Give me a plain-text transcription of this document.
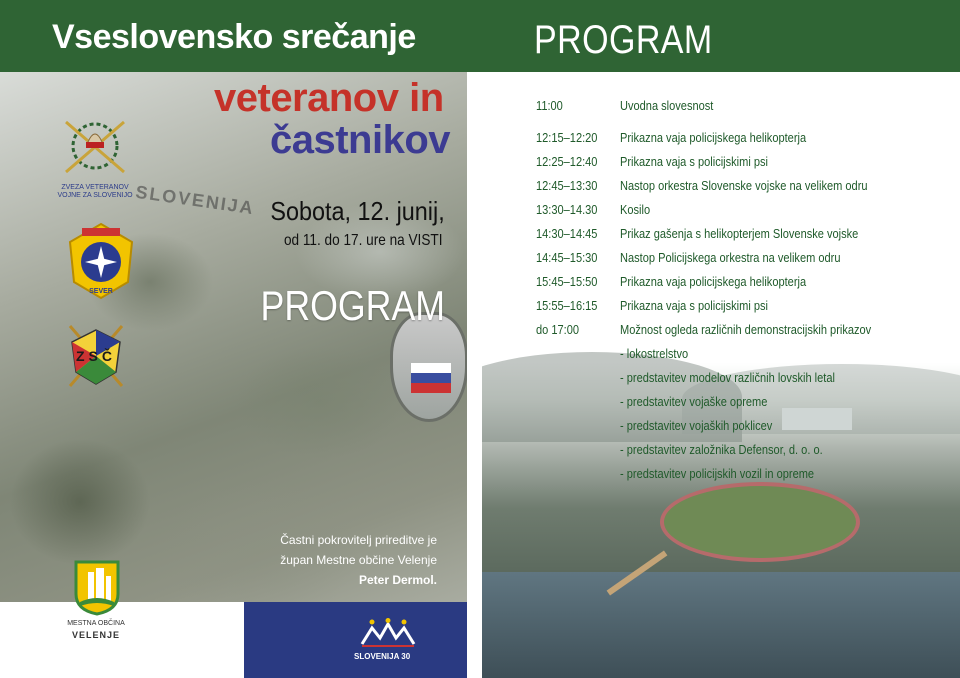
Vseslovensko srečanje	PROGRAM
SLOVENIJA
veteranov in
častnikov
Sobota, 12. junij,
od 11. do 17. ure na VISTI
PROGRAM
Častni pokrovitelj prireditve je
župan Mestne občine Velenje
Peter Dermol.
ZVEZA VETERANOV
VOJNE ZA SLOVENIJO
SEVER
ZSČ
MESTNA OBČINA
VELENJE
SLOVENIJA 30
11:00	Uvodna slovesnost
12:15–12:20	Prikazna vaja policijskega helikopterja
12:25–12:40	Prikazna vaja s policijskimi psi
12:45–13:30	Nastop orkestra Slovenske vojske na velikem odru
13:30–14.30	Kosilo
14:30–14:45	Prikaz gašenja s helikopterjem Slovenske vojske
14:45–15:30	Nastop Policijskega orkestra na velikem odru
15:45–15:50	Prikazna vaja policijskega helikopterja
15:55–16:15	Prikazna vaja s policijskimi psi
do 17:00	Možnost ogleda različnih demonstracijskih prikazov
- lokostrelstvo
- predstavitev modelov različnih lovskih letal
- predstavitev vojaške opreme
- predstavitev vojaških poklicev
- predstavitev založnika Defensor, d. o. o.
- predstavitev policijskih vozil in opreme
